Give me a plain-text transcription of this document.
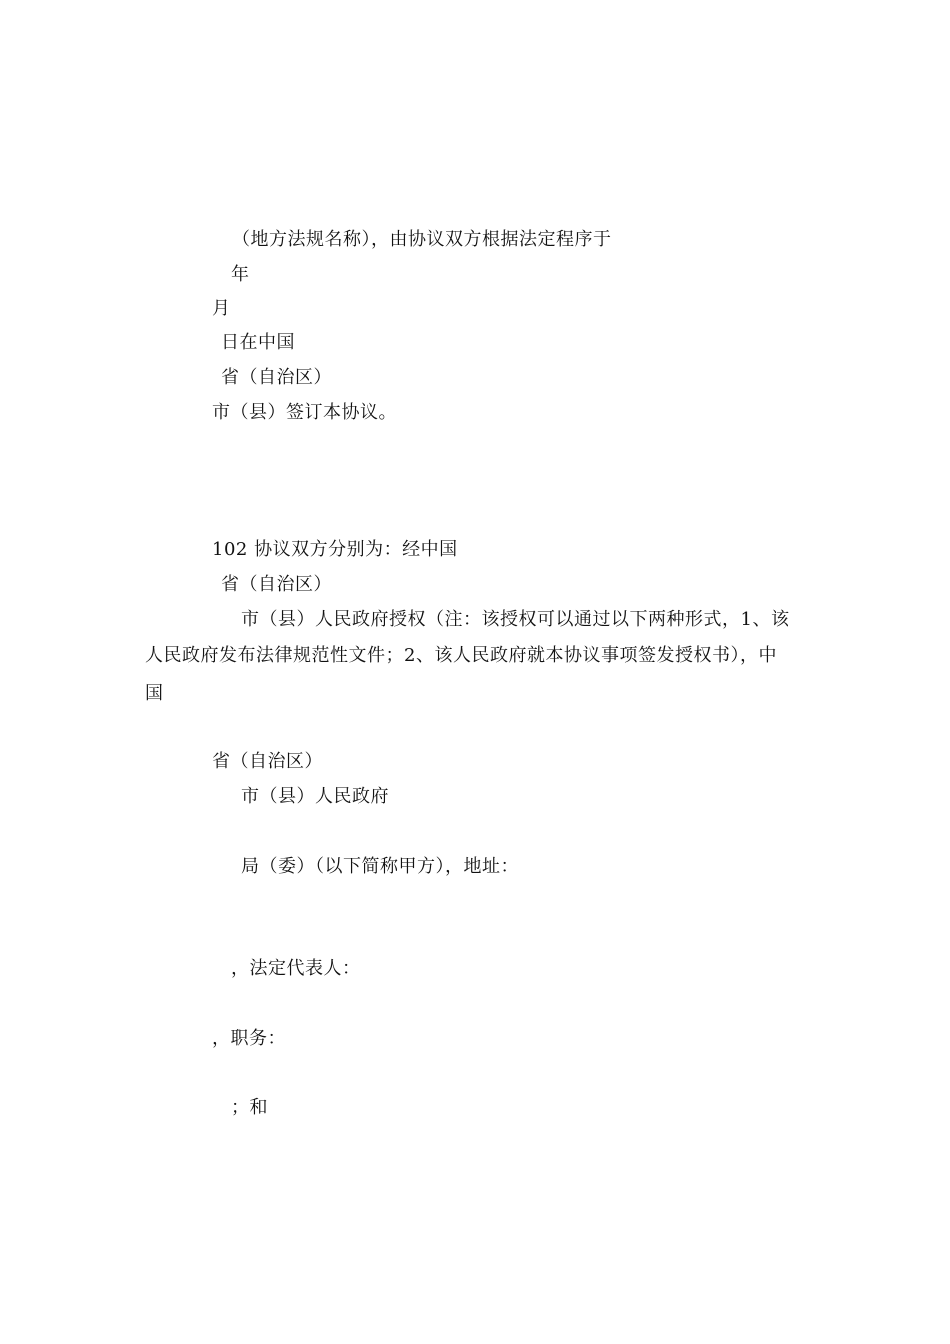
（地方法规名称），由协议双方根据法定程序于
年
月
日在中国
省（自治区）
市（县）签订本协议。
102 协议双方分别为：经中国
省（自治区）
市（县）人民政府授权（注：该授权可以通过以下两种形式，1、该
人民政府发布法律规范性文件；2、该人民政府就本协议事项签发授权书），中
国
省（自治区）
市（县）人民政府
局（委）（以下简称甲方），地址：
，法定代表人：
，职务：
；和
